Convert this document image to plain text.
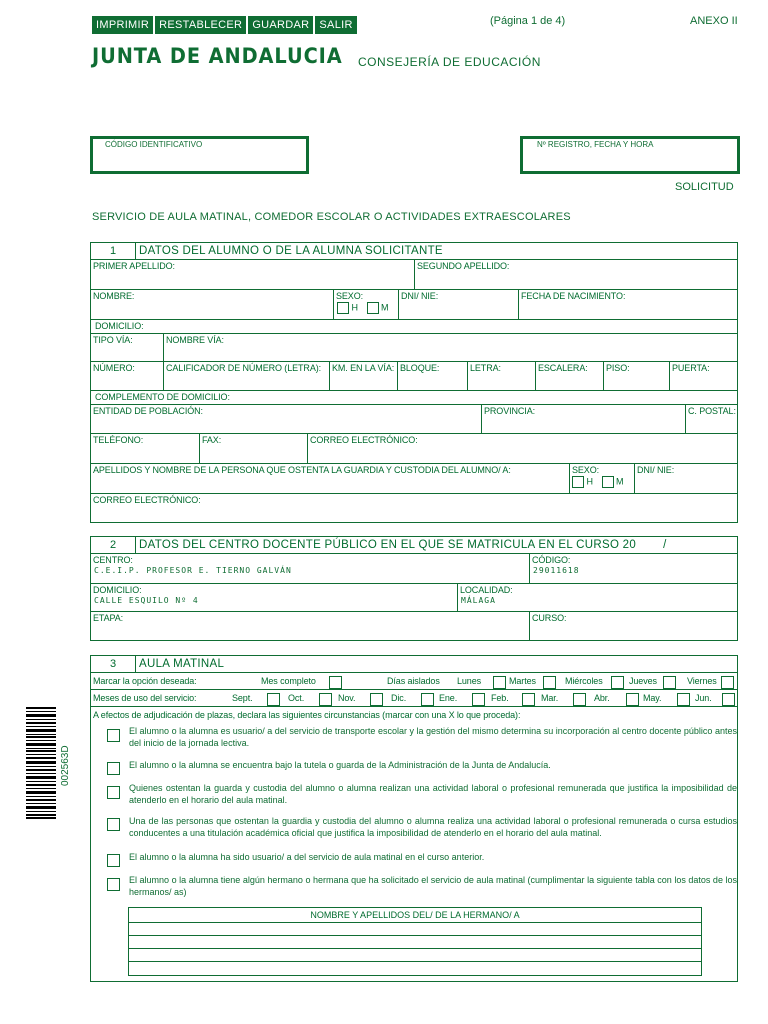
IMPRIMIR RESTABLECER GUARDAR SALIR	(Página 1 de 4)	ANEXO II
JUNTA DE ANDALUCIA CONSEJERÍA DE EDUCACIÓN
CÓDIGO IDENTIFICATIVO	Nº REGISTRO, FECHA Y HORA
SOLICITUD
SERVICIO DE AULA MATINAL, COMEDOR ESCOLAR O ACTIVIDADES EXTRAESCOLARES
1	DATOS DEL ALUMNO O DE LA ALUMNA SOLICITANTE
PRIMER APELLIDO:	SEGUNDO APELLIDO:
NOMBRE:	SEXO:
H	M
DNI/ NIE:	FECHA DE NACIMIENTO:
DOMICILIO:
TIPO VÍA:	NOMBRE VÍA:
NÚMERO:	CALIFICADOR DE NÚMERO (LETRA):	KM. EN LA VÍA: BLOQUE:	LETRA:	ESCALERA:	PISO:	PUERTA:
COMPLEMENTO DE DOMICILIO:
ENTIDAD DE POBLACIÓN:	PROVINCIA:	C. POSTAL:
TELÉFONO:	FAX:	CORREO ELECTRÓNICO:
APELLIDOS Y NOMBRE DE LA PERSONA QUE OSTENTA LA GUARDIA Y CUSTODIA DEL ALUMNO/ A:	SEXO:
H	M
DNI/ NIE:
CORREO ELECTRÓNICO:
2	DATOS DEL CENTRO DOCENTE PÚBLICO EN EL QUE SE MATRICULA EN EL CURSO 20 /
CENTRO:
C.E.I.P. PROFESOR E. TIERNO GALVÁN
CÓDIGO:
29011618
DOMICILIO:
CALLE ESQUILO Nº 4
LOCALIDAD:
MÁLAGA
ETAPA:	CURSO:
3	AULA MATINAL
Marcar la opción deseada:	Mes completo	Días aislados Lunes	Martes	Miércoles	Jueves	Viernes
Meses de uso del servicio:	Sept.	Oct.	Nov.	Dic.	Ene.	Feb.	Mar.	Abr.	May.	Jun.
A efectos de adjudicación de plazas, declara las siguientes circunstancias (marcar con una X lo que proceda):
El alumno o la alumna es usuario/ a del servicio de transporte escolar y la gestión del mismo determina su incorporación al centro docente público antes del inicio de la jornada lectiva.
El alumno o la alumna se encuentra bajo la tutela o guarda de la Administración de la Junta de Andalucía.
Quienes ostentan la guarda y custodia del alumno o alumna realizan una actividad laboral o profesional remunerada que justifica la imposibilidad de atenderlo en el horario del aula matinal.
Una de las personas que ostentan la guardia y custodia del alumno o alumna realiza una actividad laboral o profesional remunerada o cursa estudios conducentes a una titulación académica oficial que justifica la imposibilidad de atenderlo en el horario del aula matinal.
El alumno o la alumna ha sido usuario/ a del servicio de aula matinal en el curso anterior.
El alumno o la alumna tiene algún hermano o hermana que ha solicitado el servicio de aula matinal (cumplimentar la siguiente tabla con los datos de los hermanos/ as)
NOMBRE Y APELLIDOS DEL/ DE LA HERMANO/ A
002563D
